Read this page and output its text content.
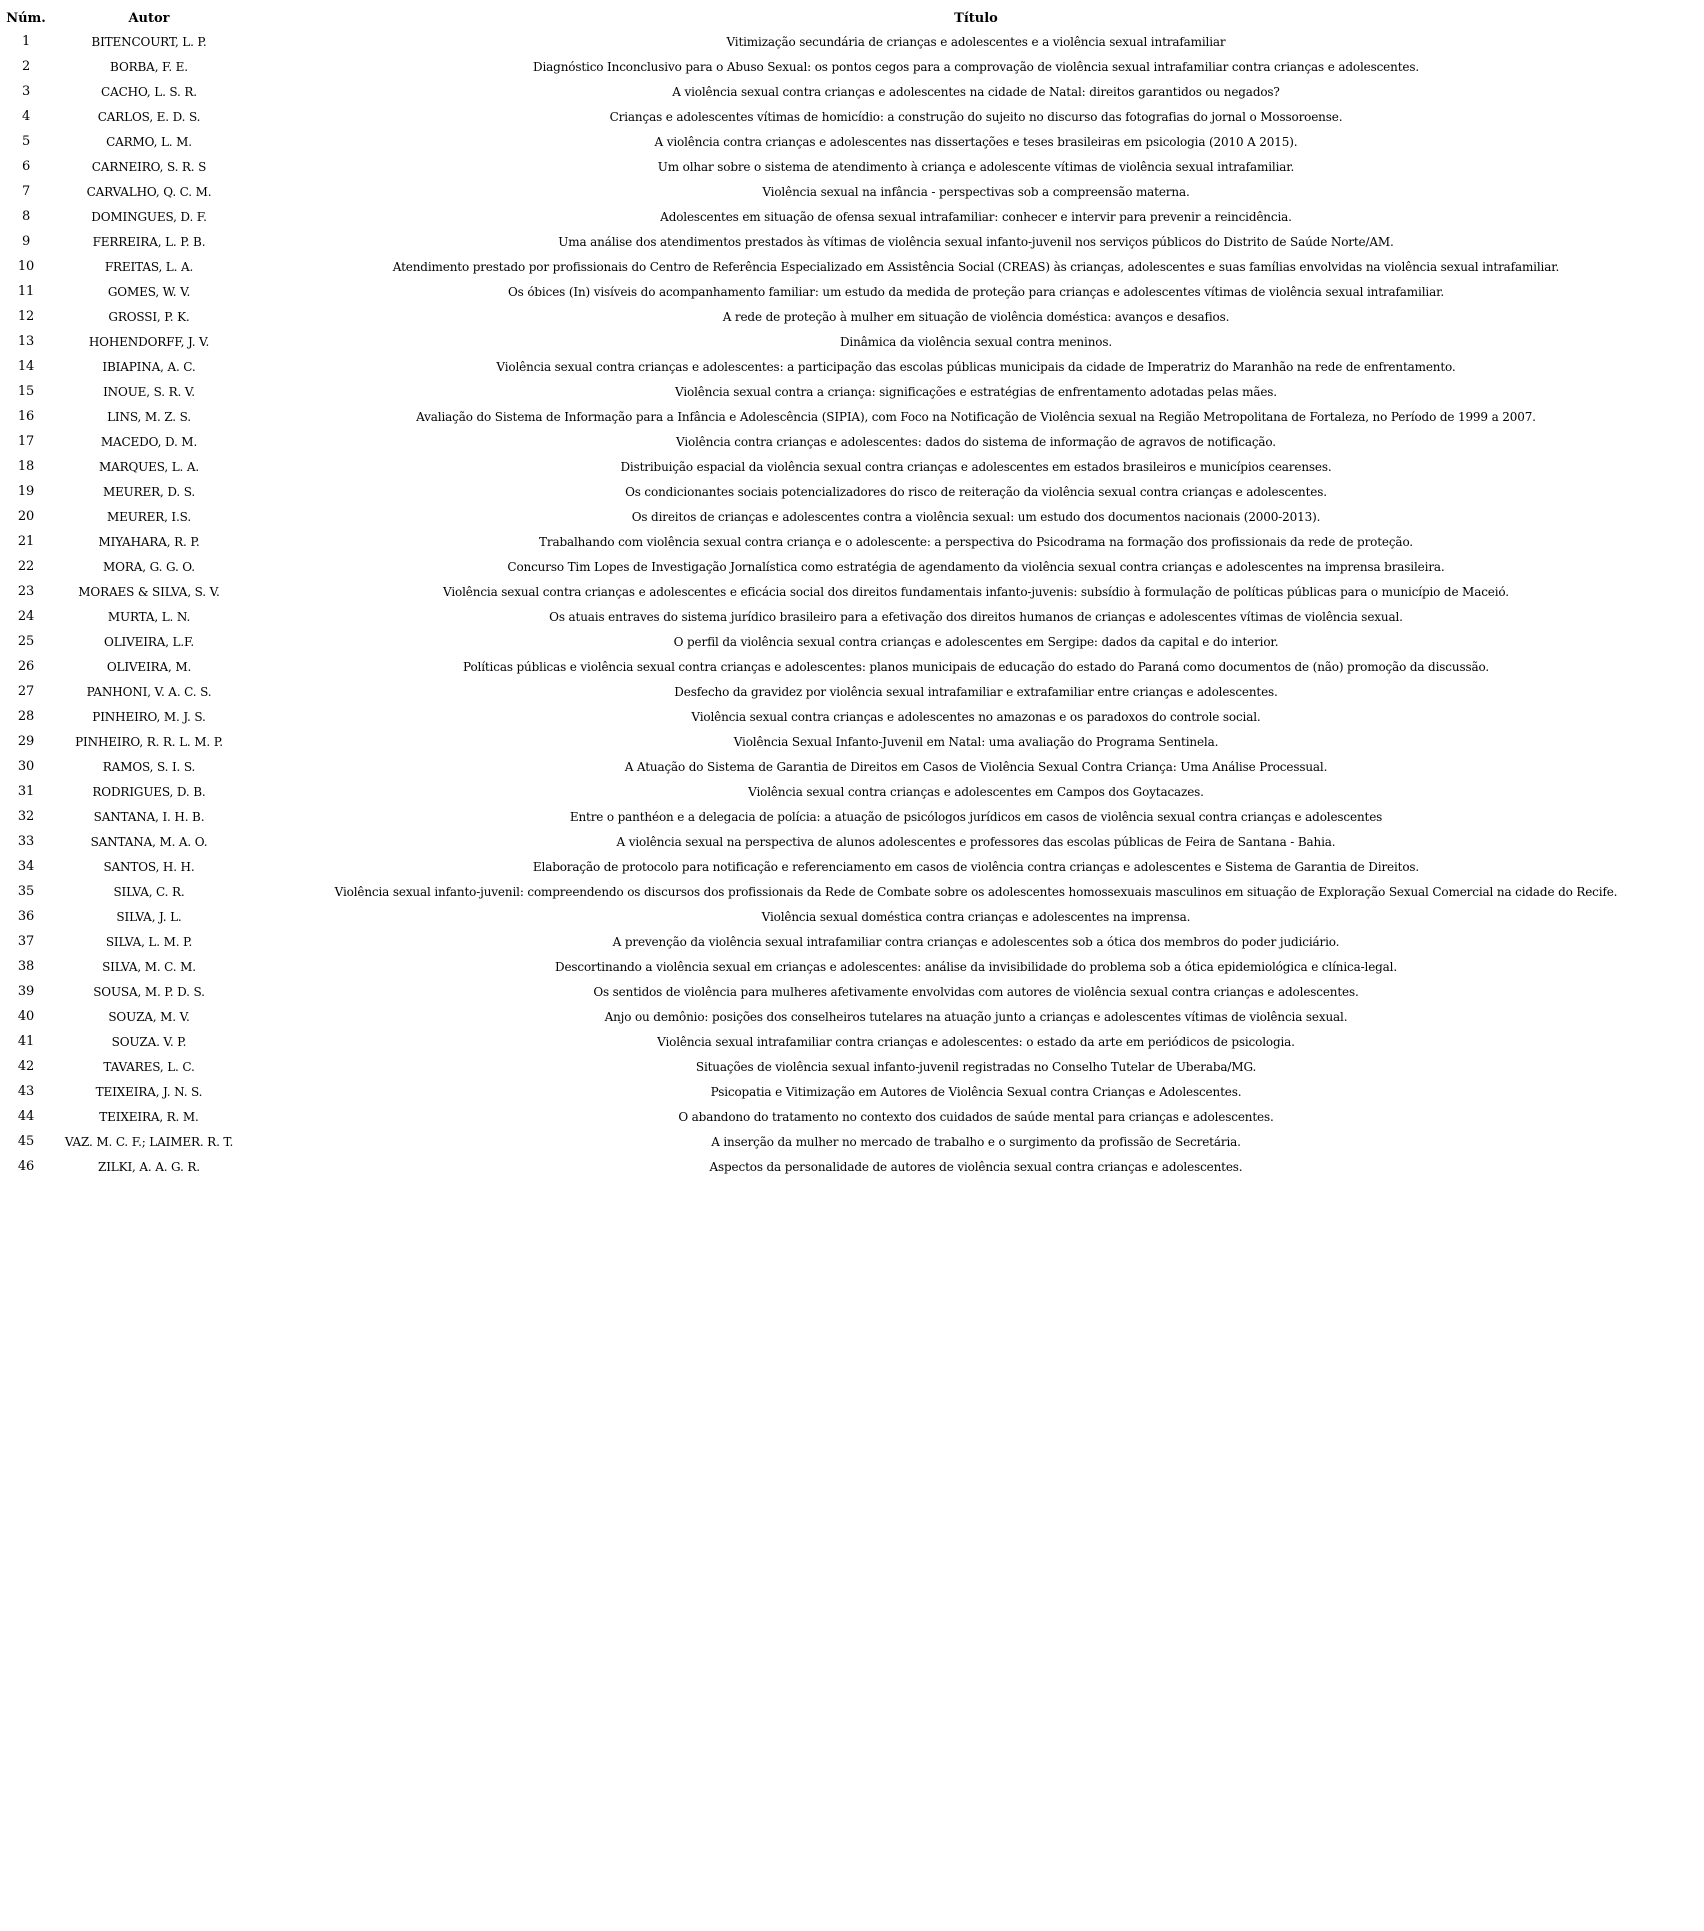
Núm.	Autor	Título
1	BITENCOURT, L. P.	Vitimização secundária de crianças e adolescentes e a violência sexual intrafamiliar
2	BORBA, F. E.	Diagnóstico Inconclusivo para o Abuso Sexual: os pontos cegos para a comprovação de violência sexual intrafamiliar contra crianças e adolescentes.
3	CACHO, L. S. R.	A violência sexual contra crianças e adolescentes na cidade de Natal: direitos garantidos ou negados?
4	CARLOS, E. D. S.	Crianças e adolescentes vítimas de homicídio: a construção do sujeito no discurso das fotografias do jornal o Mossoroense.
5	CARMO, L. M.	A violência contra crianças e adolescentes nas dissertações e teses brasileiras em psicologia (2010 A 2015).
6	CARNEIRO, S. R. S	Um olhar sobre o sistema de atendimento à criança e adolescente vítimas de violência sexual intrafamiliar.
7	CARVALHO, Q. C. M.	Violência sexual na infância - perspectivas sob a compreensão materna.
8	DOMINGUES, D. F.	Adolescentes em situação de ofensa sexual intrafamiliar: conhecer e intervir para prevenir a reincidência.
9	FERREIRA, L. P. B.	Uma análise dos atendimentos prestados às vítimas de violência sexual infanto-juvenil nos serviços públicos do Distrito de Saúde Norte/AM.
10	FREITAS, L. A.	Atendimento prestado por profissionais do Centro de Referência Especializado em Assistência Social (CREAS) às crianças, adolescentes e suas famílias envolvidas na violência sexual intrafamiliar.
11	GOMES, W. V.	Os óbices (In) visíveis do acompanhamento familiar: um estudo da medida de proteção para crianças e adolescentes vítimas de violência sexual intrafamiliar.
12	GROSSI, P. K.	A rede de proteção à mulher em situação de violência doméstica: avanços e desafios.
13	HOHENDORFF, J. V.	Dinâmica da violência sexual contra meninos.
14	IBIAPINA, A. C.	Violência sexual contra crianças e adolescentes: a participação das escolas públicas municipais da cidade de Imperatriz do Maranhão na rede de enfrentamento.
15	INOUE, S. R. V.	Violência sexual contra a criança: significações e estratégias de enfrentamento adotadas pelas mães.
16	LINS, M. Z. S.	Avaliação do Sistema de Informação para a Infância e Adolescência (SIPIA), com Foco na Notificação de Violência sexual na Região Metropolitana de Fortaleza, no Período de 1999 a 2007.
17	MACEDO, D. M.	Violência contra crianças e adolescentes: dados do sistema de informação de agravos de notificação.
18	MARQUES, L. A.	Distribuição espacial da violência sexual contra crianças e adolescentes em estados brasileiros e municípios cearenses.
19	MEURER, D. S.	Os condicionantes sociais potencializadores do risco de reiteração da violência sexual contra crianças e adolescentes.
20	MEURER, I.S.	Os direitos de crianças e adolescentes contra a violência sexual: um estudo dos documentos nacionais (2000-2013).
21	MIYAHARA, R. P.	Trabalhando com violência sexual contra criança e o adolescente: a perspectiva do Psicodrama na formação dos profissionais da rede de proteção.
22	MORA, G. G. O.	Concurso Tim Lopes de Investigação Jornalística como estratégia de agendamento da violência sexual contra crianças e adolescentes na imprensa brasileira.
23	MORAES & SILVA, S. V.	Violência sexual contra crianças e adolescentes e eficácia social dos direitos fundamentais infanto-juvenis: subsídio à formulação de políticas públicas para o município de Maceió.
24	MURTA, L. N.	Os atuais entraves do sistema jurídico brasileiro para a efetivação dos direitos humanos de crianças e adolescentes vítimas de violência sexual.
25	OLIVEIRA, L.F.	O perfil da violência sexual contra crianças e adolescentes em Sergipe: dados da capital e do interior.
26	OLIVEIRA, M.	Políticas públicas e violência sexual contra crianças e adolescentes: planos municipais de educação do estado do Paraná como documentos de (não) promoção da discussão.
27	PANHONI, V. A. C. S.	Desfecho da gravidez por violência sexual intrafamiliar e extrafamiliar entre crianças e adolescentes.
28	PINHEIRO, M. J. S.	Violência sexual contra crianças e adolescentes no amazonas e os paradoxos do controle social.
29	PINHEIRO, R. R. L. M. P.	Violência Sexual Infanto-Juvenil em Natal: uma avaliação do Programa Sentinela.
30	RAMOS, S. I. S.	A Atuação do Sistema de Garantia de Direitos em Casos de Violência Sexual Contra Criança: Uma Análise Processual.
31	RODRIGUES, D. B.	Violência sexual contra crianças e adolescentes em Campos dos Goytacazes.
32	SANTANA, I. H. B.	Entre o panthéon e a delegacia de polícia: a atuação de psicólogos jurídicos em casos de violência sexual contra crianças e adolescentes
33	SANTANA, M. A. O.	A violência sexual na perspectiva de alunos adolescentes e professores das escolas públicas de Feira de Santana - Bahia.
34	SANTOS, H. H.	Elaboração de protocolo para notificação e referenciamento em casos de violência contra crianças e adolescentes e Sistema de Garantia de Direitos.
35	SILVA, C. R.	Violência sexual infanto-juvenil: compreendendo os discursos dos profissionais da Rede de Combate sobre os adolescentes homossexuais masculinos em situação de Exploração Sexual Comercial na cidade do Recife.
36	SILVA, J. L.	Violência sexual doméstica contra crianças e adolescentes na imprensa.
37	SILVA, L. M. P.	A prevenção da violência sexual intrafamiliar contra crianças e adolescentes sob a ótica dos membros do poder judiciário.
38	SILVA, M. C. M.	Descortinando a violência sexual em crianças e adolescentes: análise da invisibilidade do problema sob a ótica epidemiológica e clínica-legal.
39	SOUSA, M. P. D. S.	Os sentidos de violência para mulheres afetivamente envolvidas com autores de violência sexual contra crianças e adolescentes.
40	SOUZA, M. V.	Anjo ou demônio: posições dos conselheiros tutelares na atuação junto a crianças e adolescentes vítimas de violência sexual.
41	SOUZA. V. P.	Violência sexual intrafamiliar contra crianças e adolescentes: o estado da arte em periódicos de psicologia.
42	TAVARES, L. C.	Situações de violência sexual infanto-juvenil registradas no Conselho Tutelar de Uberaba/MG.
43	TEIXEIRA, J. N. S.	Psicopatia e Vitimização em Autores de Violência Sexual contra Crianças e Adolescentes.
44	TEIXEIRA, R. M.	O abandono do tratamento no contexto dos cuidados de saúde mental para crianças e adolescentes.
45	VAZ. M. C. F.; LAIMER. R. T.	A inserção da mulher no mercado de trabalho e o surgimento da profissão de Secretária.
46	ZILKI, A. A. G. R.	Aspectos da personalidade de autores de violência sexual contra crianças e adolescentes.
